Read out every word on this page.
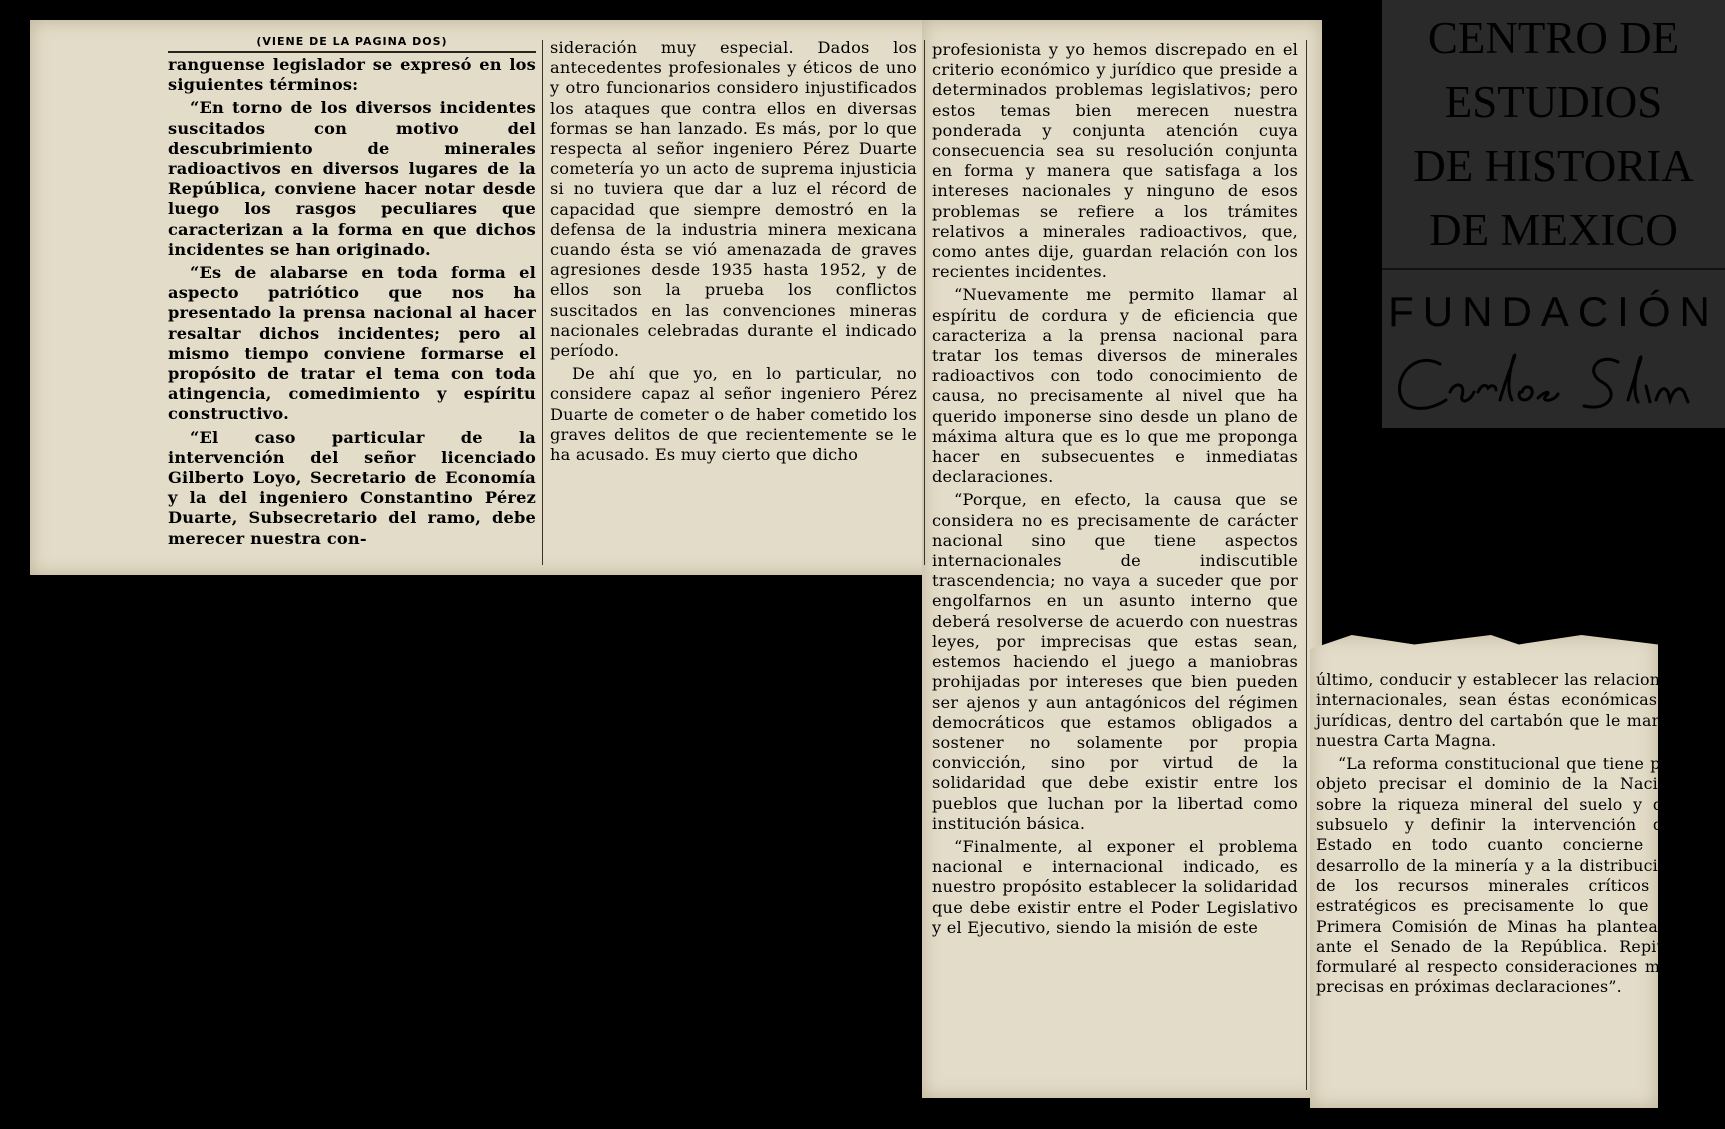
(VIENE DE LA PAGINA DOS)

ranguense legislador se expresó en los siguientes términos:

“En torno de los diversos incidentes suscitados con motivo del descubrimiento de minerales radioactivos en diversos lugares de la República, conviene hacer notar desde luego los rasgos peculiares que caracterizan a la forma en que dichos incidentes se han originado.

“Es de alabarse en toda forma el aspecto patriótico que nos ha presentado la prensa nacional al hacer resaltar dichos incidentes; pero al mismo tiempo conviene formarse el propósito de tratar el tema con toda atingencia, comedimiento y espíritu constructivo.

“El caso particular de la intervención del señor licenciado Gilberto Loyo, Secretario de Economía y la del ingeniero Constantino Pérez Duarte, Subsecretario del ramo, debe merecer nuestra con-

sideración muy especial. Dados los antecedentes profesionales y éticos de uno y otro funcionarios considero injustificados los ataques que contra ellos en diversas formas se han lanzado. Es más, por lo que respecta al señor ingeniero Pérez Duarte cometería yo un acto de suprema injusticia si no tuviera que dar a luz el récord de capacidad que siempre demostró en la defensa de la industria minera mexicana cuando ésta se vió amenazada de graves agresiones desde 1935 hasta 1952, y de ellos son la prueba los conflictos suscitados en las convenciones mineras nacionales celebradas durante el indicado período.

De ahí que yo, en lo particular, no considere capaz al señor ingeniero Pérez Duarte de cometer o de haber cometido los graves delitos de que recientemente se le ha acusado. Es muy cierto que dicho

profesionista y yo hemos discrepado en el criterio económico y jurídico que preside a determinados problemas legislativos; pero estos temas bien merecen nuestra ponderada y conjunta atención cuya consecuencia sea su resolución conjunta en forma y manera que satisfaga a los intereses nacionales y ninguno de esos problemas se refiere a los trámites relativos a minerales radioactivos, que, como antes dije, guardan relación con los recientes incidentes.

“Nuevamente me permito llamar al espíritu de cordura y de eficiencia que caracteriza a la prensa nacional para tratar los temas diversos de minerales radioactivos con todo conocimiento de causa, no precisamente al nivel que ha querido imponerse sino desde un plano de máxima altura que es lo que me proponga hacer en subsecuentes e inmediatas declaraciones.

“Porque, en efecto, la causa que se considera no es precisamente de carácter nacional sino que tiene aspectos internacionales de indiscutible trascendencia; no vaya a suceder que por engolfarnos en un asunto interno que deberá resolverse de acuerdo con nuestras leyes, por imprecisas que estas sean, estemos haciendo el juego a maniobras prohijadas por intereses que bien pueden ser ajenos y aun antagónicos del régimen democráticos que estamos obligados a sostener no solamente por propia convicción, sino por virtud de la solidaridad que debe existir entre los pueblos que luchan por la libertad como institución básica.

“Finalmente, al exponer el problema nacional e internacional indicado, es nuestro propósito establecer la solidaridad que debe existir entre el Poder Legislativo y el Ejecutivo, siendo la misión de este

último, conducir y establecer las relaciones internacionales, sean éstas económicas o jurídicas, dentro del cartabón que le marca nuestra Carta Magna.

“La reforma constitucional que tiene por objeto precisar el dominio de la Nación sobre la riqueza mineral del suelo y del subsuelo y definir la intervención del Estado en todo cuanto concierne al desarrollo de la minería y a la distribución de los recursos minerales críticos y estratégicos es precisamente lo que la Primera Comisión de Minas ha planteado ante el Senado de la República. Repito, formularé al respecto consideraciones más precisas en próximas declaraciones”.

CENTRO DE
ESTUDIOS
DE HISTORIA
DE MEXICO
FUNDACIÓN
